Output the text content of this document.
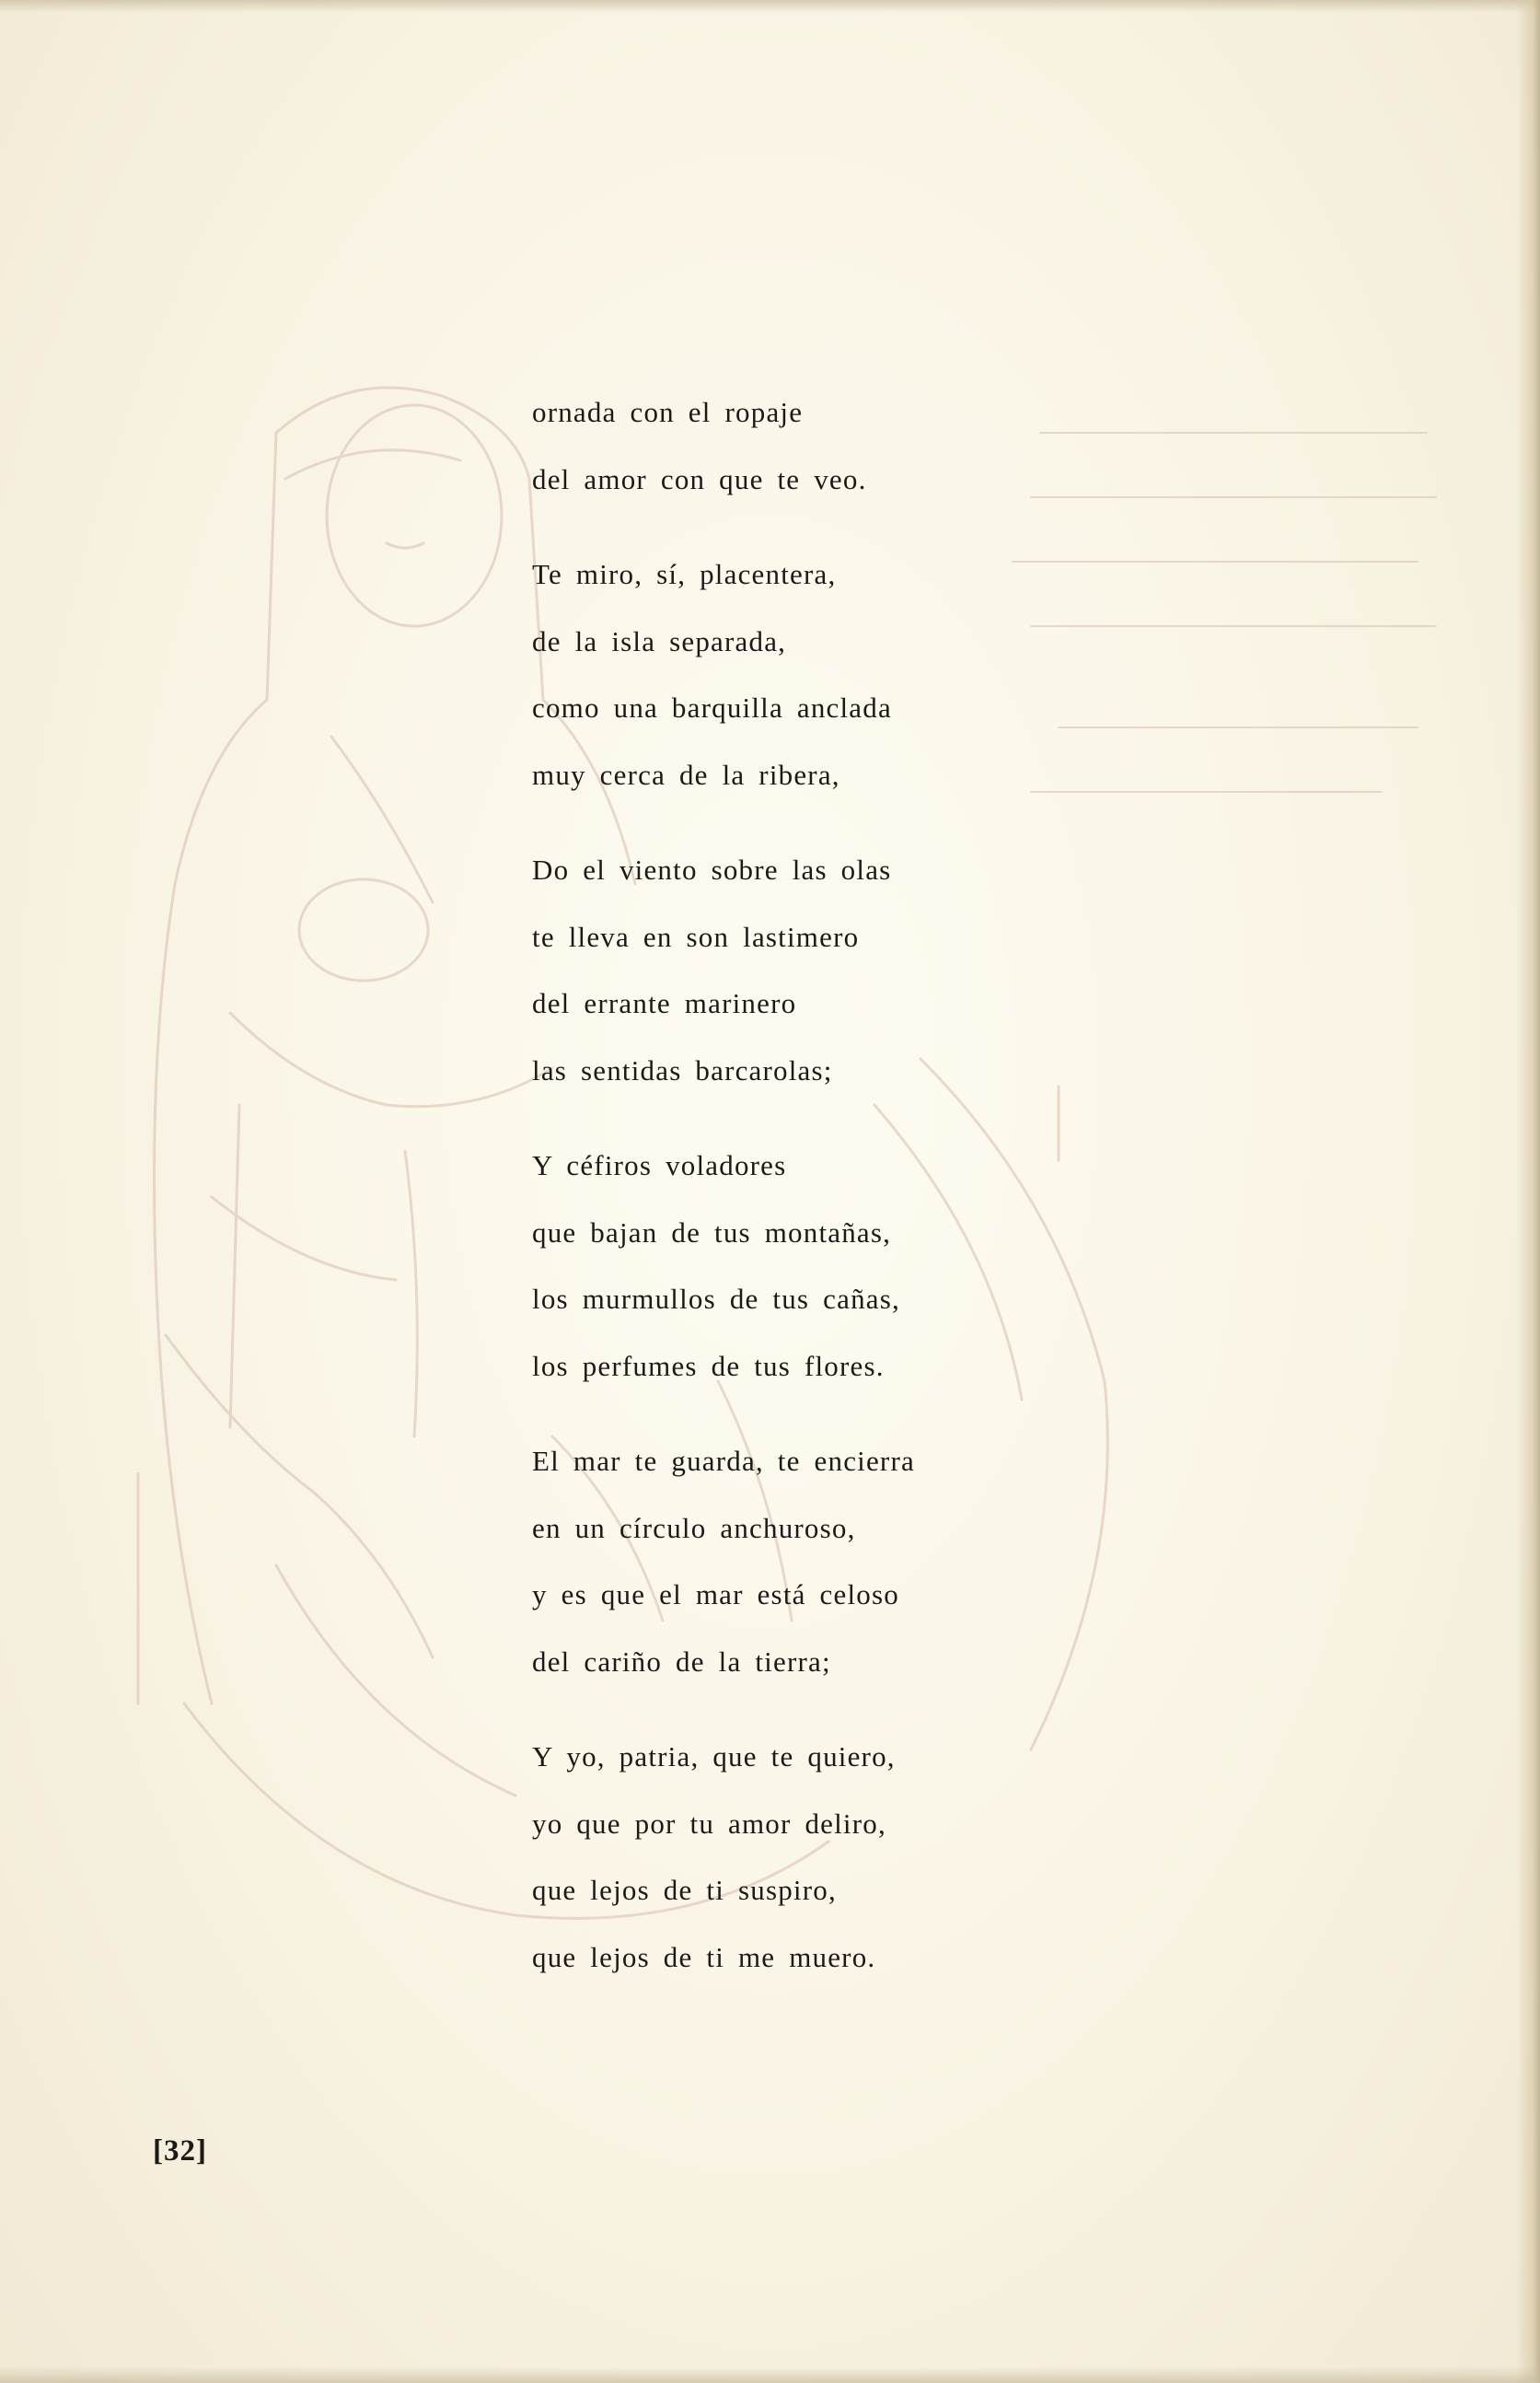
ornada con el ropaje
del amor con que te veo.
Te miro, sí, placentera,
de la isla separada,
como una barquilla anclada
muy cerca de la ribera,
Do el viento sobre las olas
te lleva en son lastimero
del errante marinero
las sentidas barcarolas;
Y céfiros voladores
que bajan de tus montañas,
los murmullos de tus cañas,
los perfumes de tus flores.
El mar te guarda, te encierra
en un círculo anchuroso,
y es que el mar está celoso
del cariño de la tierra;
Y yo, patria, que te quiero,
yo que por tu amor deliro,
que lejos de ti suspiro,
que lejos de ti me muero.
[32]
